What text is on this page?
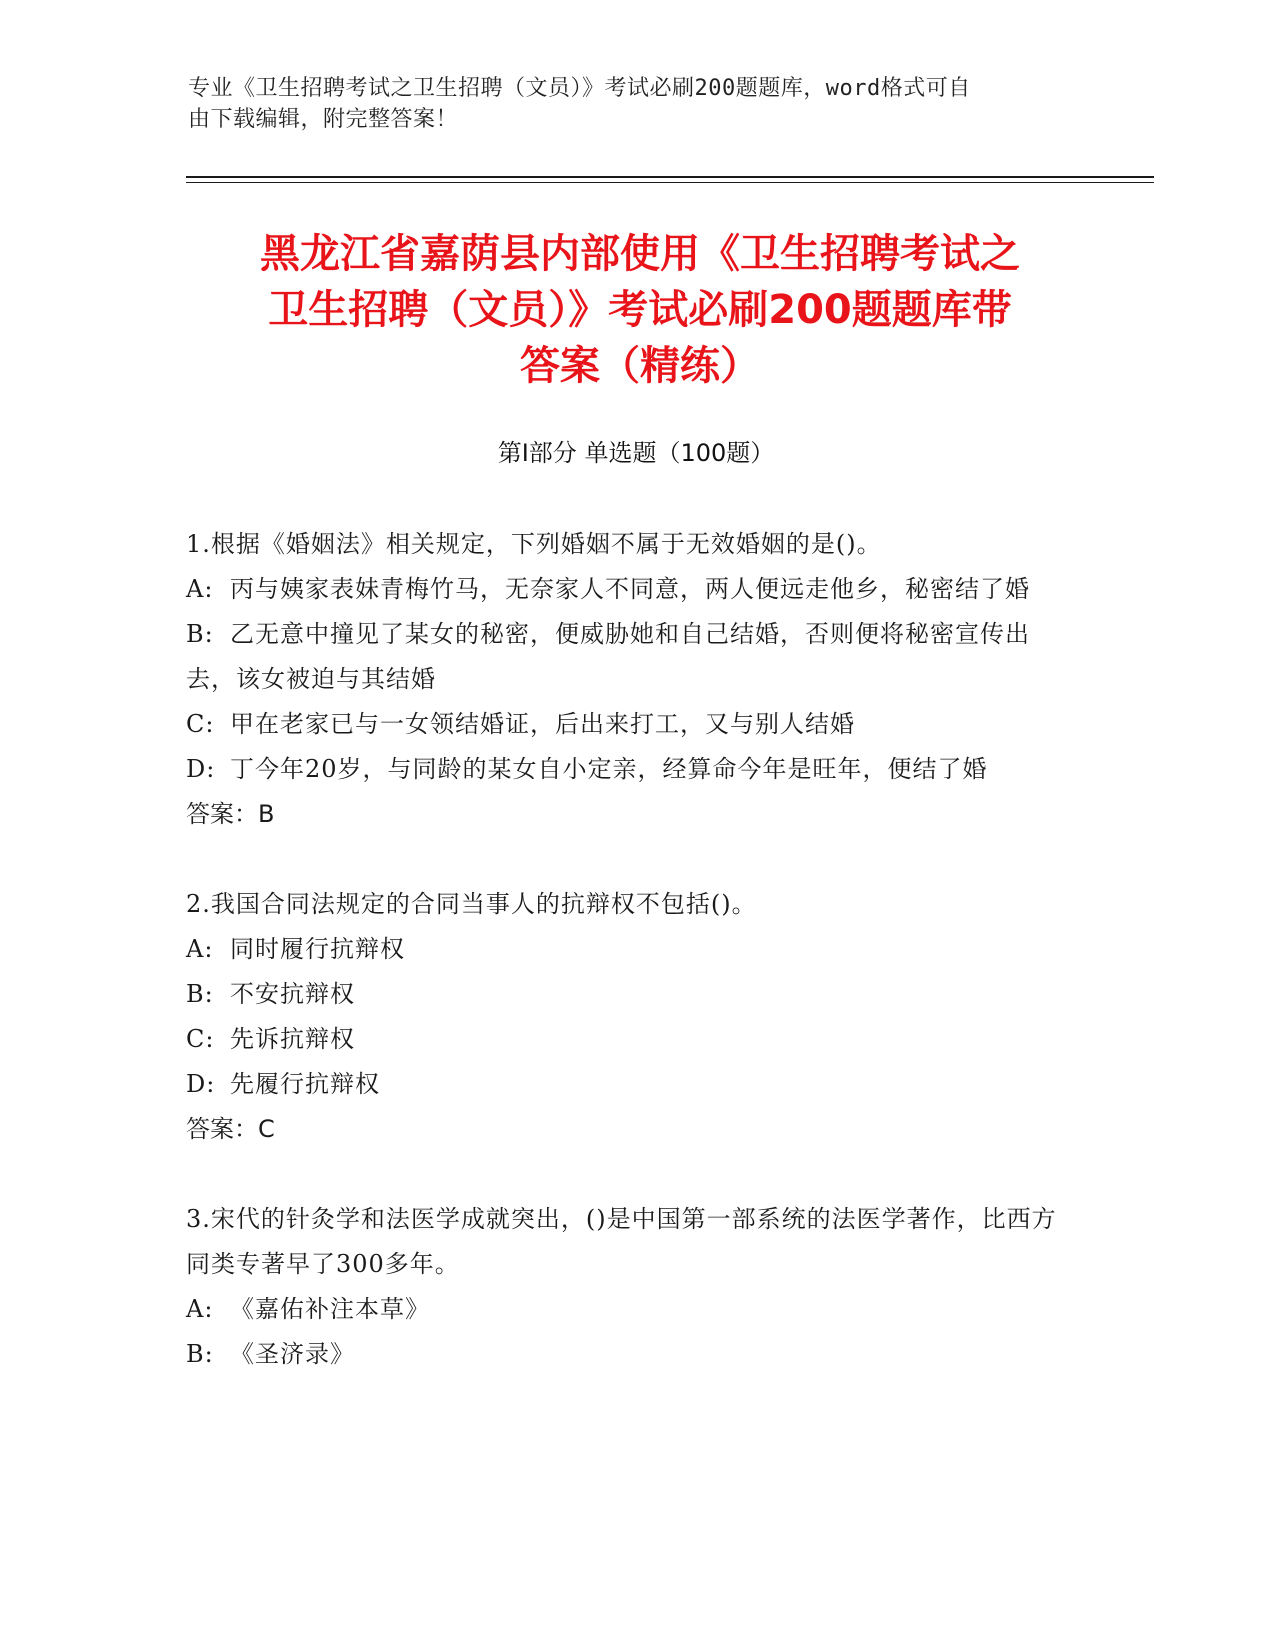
专业《卫生招聘考试之卫生招聘（文员）》考试必刷200题题库，word格式可自
由下载编辑，附完整答案！
黑龙江省嘉荫县内部使用《卫生招聘考试之
卫生招聘（文员）》考试必刷200题题库带
答案（精练）
第Ⅰ部分 单选题（100题）

1.根据《婚姻法》相关规定，下列婚姻不属于无效婚姻的是()。

A: 丙与姨家表妹青梅竹马，无奈家人不同意，两人便远走他乡，秘密结了婚

B: 乙无意中撞见了某女的秘密，便威胁她和自己结婚，否则便将秘密宣传出去，该女被迫与其结婚

C: 甲在老家已与一女领结婚证，后出来打工，又与别人结婚

D: 丁今年20岁，与同龄的某女自小定亲，经算命今年是旺年，便结了婚

答案：B

2.我国合同法规定的合同当事人的抗辩权不包括()。

A: 同时履行抗辩权

B: 不安抗辩权

C: 先诉抗辩权

D: 先履行抗辩权

答案：C

3.宋代的针灸学和法医学成就突出，()是中国第一部系统的法医学著作，比西方同类专著早了300多年。

A: 《嘉佑补注本草》

B: 《圣济录》
